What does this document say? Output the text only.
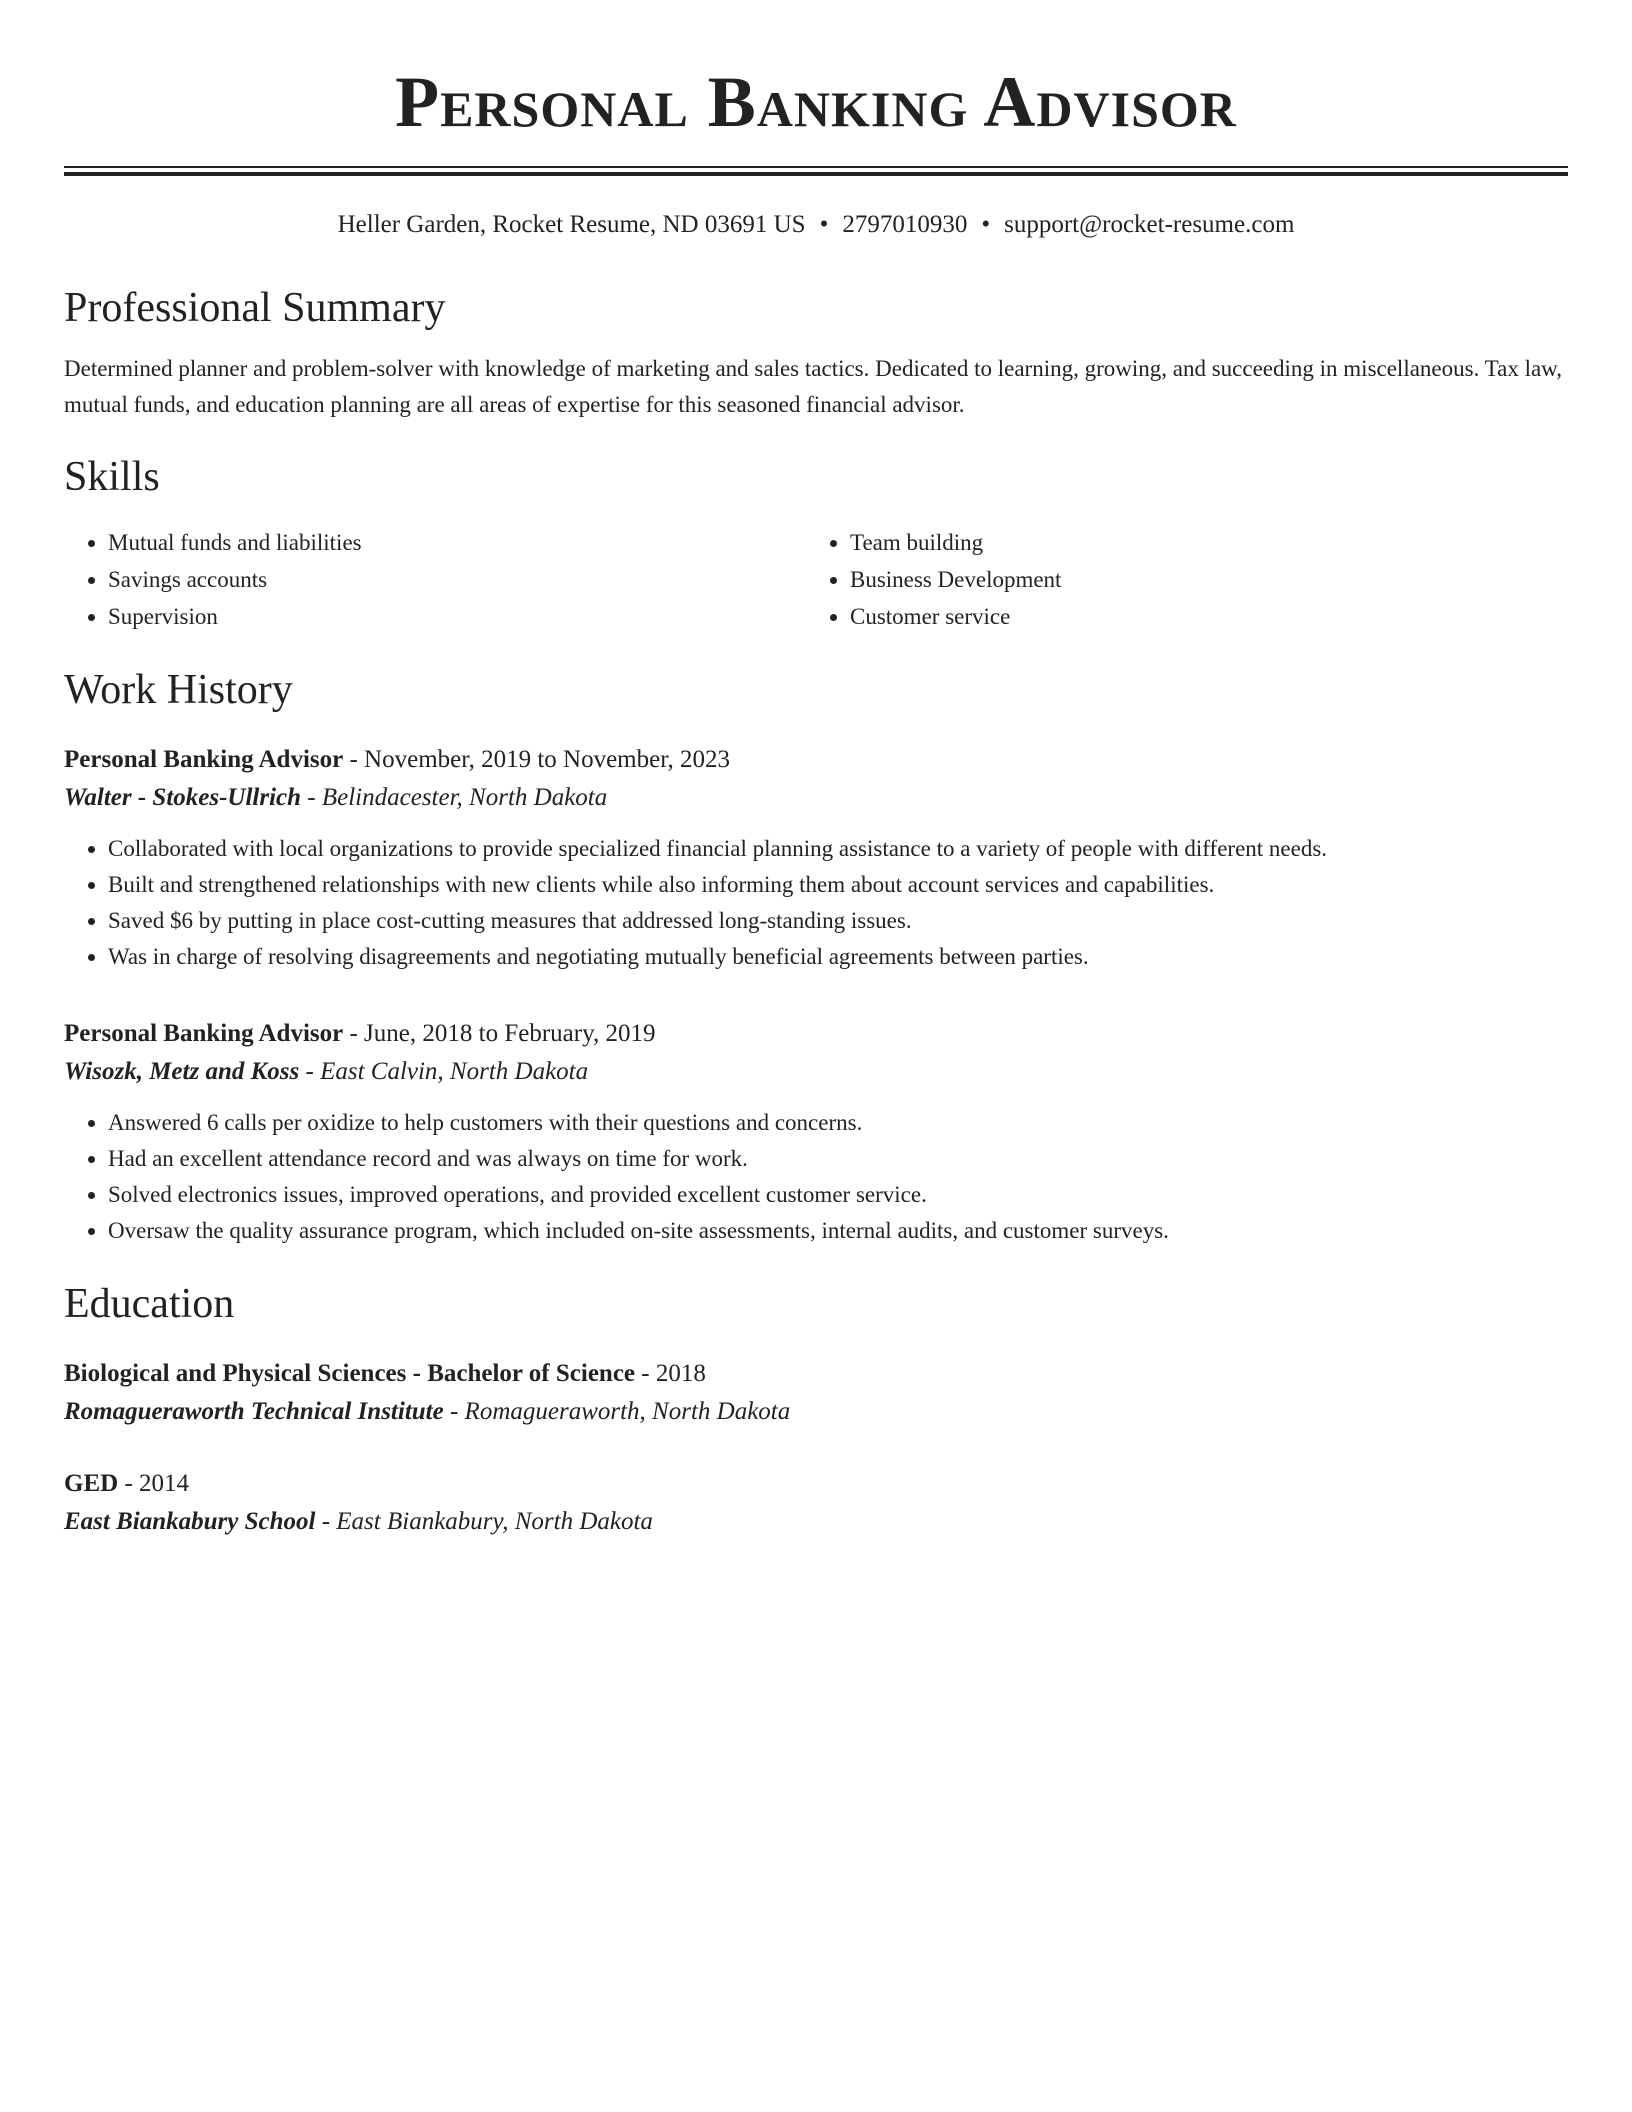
Personal Banking Advisor
Heller Garden, Rocket Resume, ND 03691 US • 2797010930 • support@rocket-resume.com
Professional Summary

Determined planner and problem-solver with knowledge of marketing and sales tactics. Dedicated to learning, growing, and succeeding in miscellaneous. Tax law, mutual funds, and education planning are all areas of expertise for this seasoned financial advisor.

Skills
• Mutual funds and liabilities
• Savings accounts
• Supervision
• Team building
• Business Development
• Customer service
Work History
Personal Banking Advisor - November, 2019 to November, 2023
Walter - Stokes-Ullrich - Belindacester, North Dakota
• Collaborated with local organizations to provide specialized financial planning assistance to a variety of people with different needs.
• Built and strengthened relationships with new clients while also informing them about account services and capabilities.
• Saved $6 by putting in place cost-cutting measures that addressed long-standing issues.
• Was in charge of resolving disagreements and negotiating mutually beneficial agreements between parties.
Personal Banking Advisor - June, 2018 to February, 2019
Wisozk, Metz and Koss - East Calvin, North Dakota
• Answered 6 calls per oxidize to help customers with their questions and concerns.
• Had an excellent attendance record and was always on time for work.
• Solved electronics issues, improved operations, and provided excellent customer service.
• Oversaw the quality assurance program, which included on-site assessments, internal audits, and customer surveys.
Education
Biological and Physical Sciences - Bachelor of Science - 2018
Romagueraworth Technical Institute - Romagueraworth, North Dakota
GED - 2014
East Biankabury School - East Biankabury, North Dakota
